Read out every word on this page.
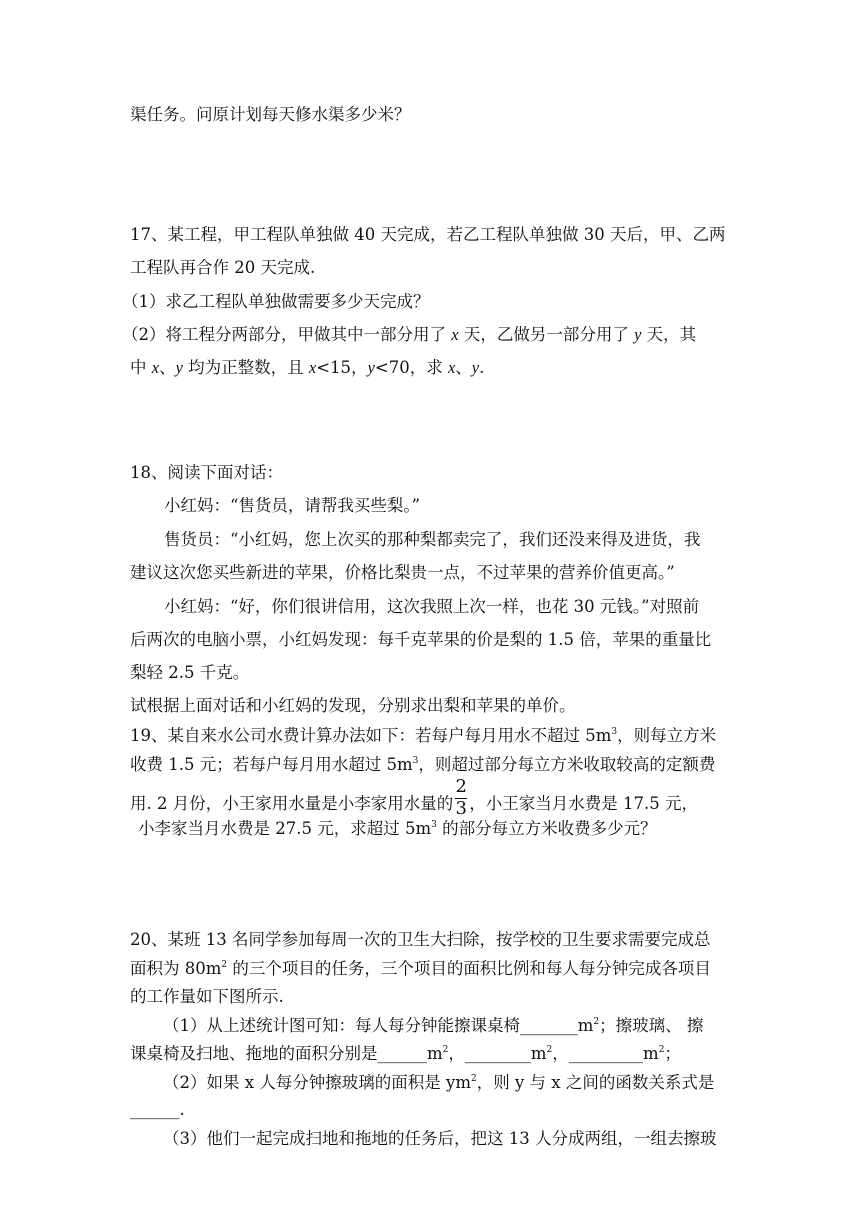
渠任务。问原计划每天修水渠多少米？
17、某工程，甲工程队单独做 40 天完成，若乙工程队单独做 30 天后，甲、乙两
工程队再合作 20 天完成.
（1）求乙工程队单独做需要多少天完成？
（2）将工程分两部分，甲做其中一部分用了 x 天，乙做另一部分用了 y 天，其
中 x、y 均为正整数，且 x<15，y<70，求 x、y.
18、阅读下面对话：
小红妈：“售货员，请帮我买些梨。”
售货员：“小红妈，您上次买的那种梨都卖完了，我们还没来得及进货，我
建议这次您买些新进的苹果，价格比梨贵一点，不过苹果的营养价值更高。”
小红妈：“好，你们很讲信用，这次我照上次一样，也花 30 元钱。”对照前
后两次的电脑小票，小红妈发现：每千克苹果的价是梨的 1.5 倍，苹果的重量比
梨轻 2.5 千克。
试根据上面对话和小红妈的发现，分别求出梨和苹果的单价。
19、某自来水公司水费计算办法如下：若每户每月用水不超过 $5m^3$，则每立方米
收费 1.5 元；若每户每月用水超过 $5m^3$，则超过部分每立方米收取较高的定额费
用. 2 月份，小王家用水量是小李家用水量的 $\frac{2}{3}$ ，小王家当月水费是 17.5 元，
小李家当月水费是 27.5 元，求超过 $5m^3$ 的部分每立方米收费多少元？
20、某班 13 名同学参加每周一次的卫生大扫除，按学校的卫生要求需要完成总
面积为 $80m^2$ 的三个项目的任务，三个项目的面积比例和每人每分钟完成各项目
的工作量如下图所示.
（1）从上述统计图可知：每人每分钟能擦课桌椅$\_\_\_\_\_\_\_m^2$；擦玻璃、 擦
课桌椅及扫地、拖地的面积分别是$\_\_\_\_\_\_m^2$，$\_\_\_\_\_\_\_\_m^2$，$\_\_\_\_\_\_\_\_\_m^2$；
（2）如果 x 人每分钟擦玻璃的面积是 $ym^2$，则 y 与 x 之间的函数关系式是
______.
（3）他们一起完成扫地和拖地的任务后，把这 13 人分成两组，一组去擦玻
